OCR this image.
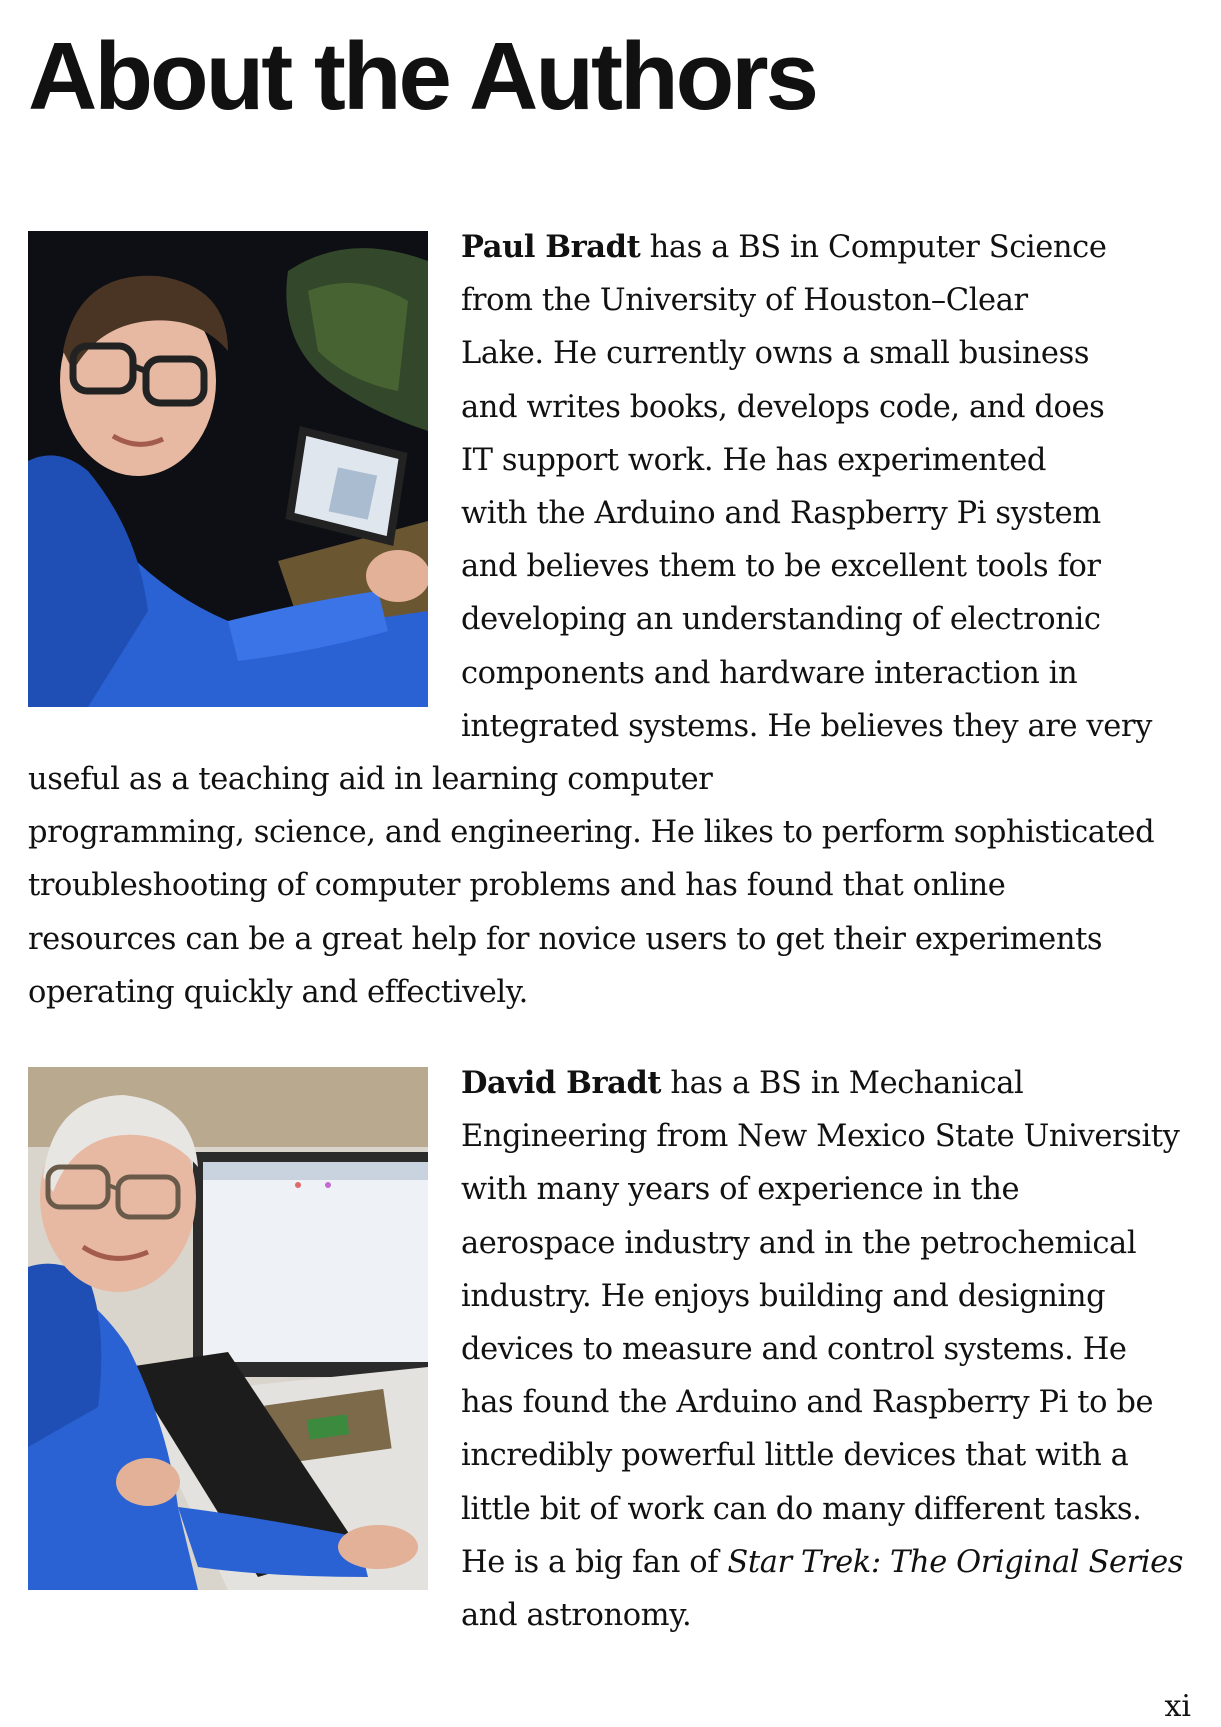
About the Authors
Paul Bradt has a BS in Computer Science
from the University of Houston–Clear
Lake. He currently owns a small business
and writes books, develops code, and does
IT support work. He has experimented
with the Arduino and Raspberry Pi system
and believes them to be excellent tools for
developing an understanding of electronic
components and hardware interaction in
integrated systems. He believes they are very
useful as a teaching aid in learning computer
programming, science, and engineering. He likes to perform sophisticated
troubleshooting of computer problems and has found that online
resources can be a great help for novice users to get their experiments
operating quickly and effectively.
David Bradt has a BS in Mechanical
Engineering from New Mexico State University
with many years of experience in the
aerospace industry and in the petrochemical
industry. He enjoys building and designing
devices to measure and control systems. He
has found the Arduino and Raspberry Pi to be
incredibly powerful little devices that with a
little bit of work can do many different tasks.
He is a big fan of Star Trek: The Original Series
and astronomy.
xi
